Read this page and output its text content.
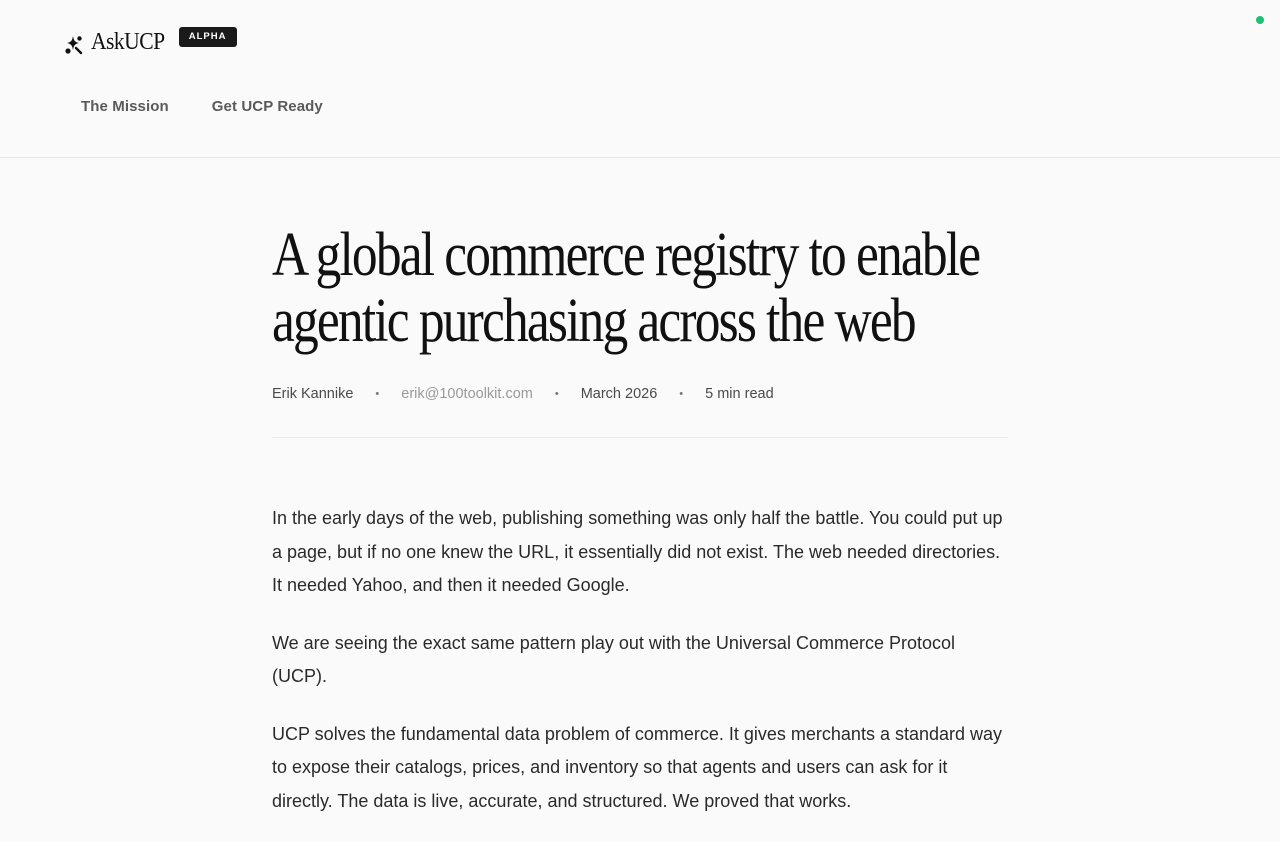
AskUCP	ALPHA
The Mission	Get UCP Ready
A global commerce registry to enable agentic purchasing across the web
Erik Kannike • erik@100toolkit.com • March 2026 • 5 min read

In the early days of the web, publishing something was only half the battle. You could put up a page, but if no one knew the URL, it essentially did not exist. The web needed directories. It needed Yahoo, and then it needed Google.

We are seeing the exact same pattern play out with the Universal Commerce Protocol (UCP).

UCP solves the fundamental data problem of commerce. It gives merchants a standard way to expose their catalogs, prices, and inventory so that agents and users can ask for it directly. The data is live, accurate, and structured. We proved that works.
